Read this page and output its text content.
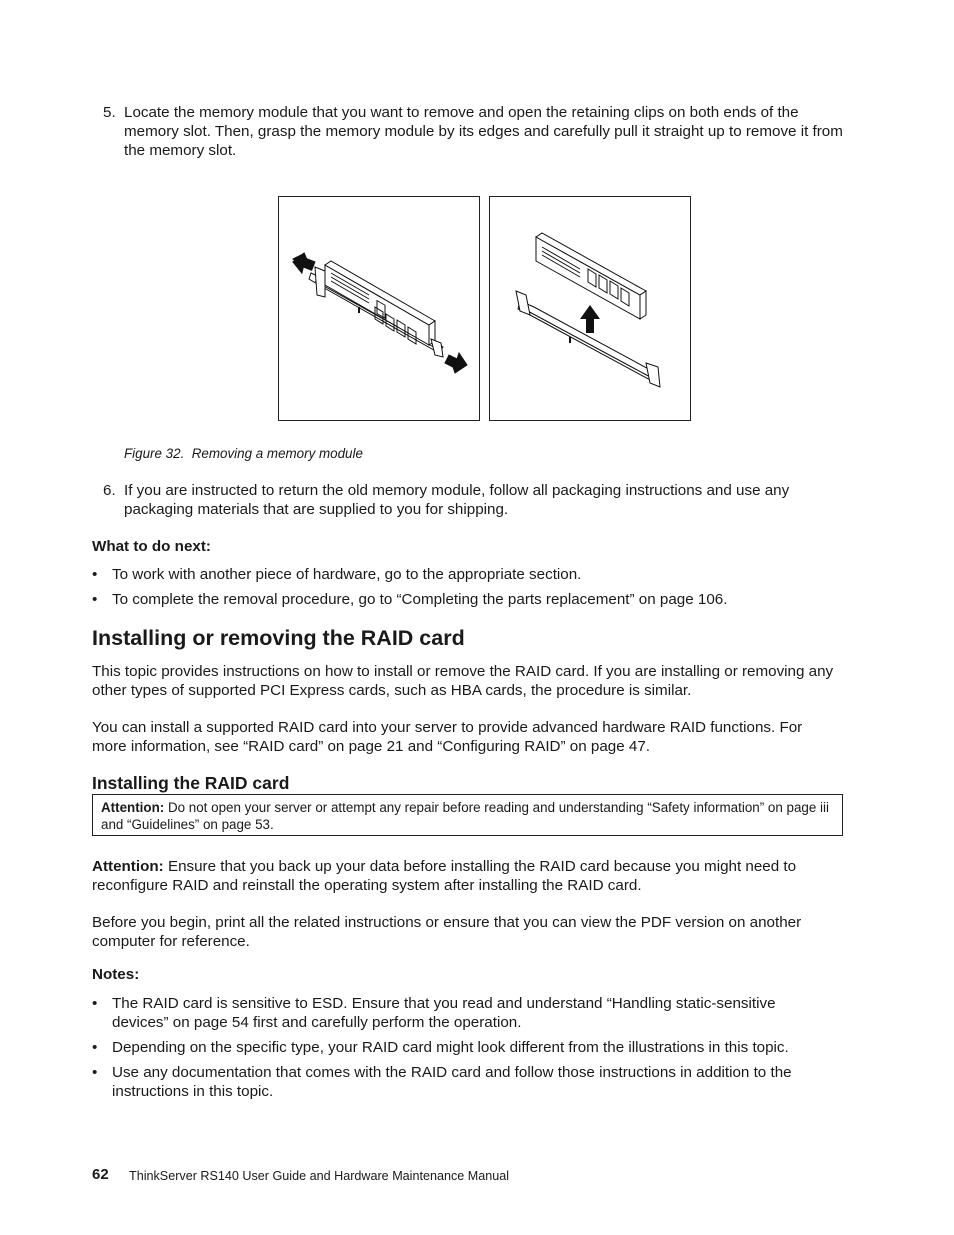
5. Locate the memory module that you want to remove and open the retaining clips on both ends of the memory slot. Then, grasp the memory module by its edges and carefully pull it straight up to remove it from the memory slot.
Figure 32. Removing a memory module
6. If you are instructed to return the old memory module, follow all packaging instructions and use any packaging materials that are supplied to you for shipping.
What to do next:
• To work with another piece of hardware, go to the appropriate section.
• To complete the removal procedure, go to “Completing the parts replacement” on page 106.
Installing or removing the RAID card
This topic provides instructions on how to install or remove the RAID card. If you are installing or removing any other types of supported PCI Express cards, such as HBA cards, the procedure is similar.
You can install a supported RAID card into your server to provide advanced hardware RAID functions. For more information, see “RAID card” on page 21 and “Configuring RAID” on page 47.
Installing the RAID card
Attention: Do not open your server or attempt any repair before reading and understanding “Safety information” on page iii and “Guidelines” on page 53.
Attention: Ensure that you back up your data before installing the RAID card because you might need to reconfigure RAID and reinstall the operating system after installing the RAID card.
Before you begin, print all the related instructions or ensure that you can view the PDF version on another computer for reference.
Notes:
• The RAID card is sensitive to ESD. Ensure that you read and understand “Handling static-sensitive devices” on page 54 first and carefully perform the operation.
• Depending on the specific type, your RAID card might look different from the illustrations in this topic.
• Use any documentation that comes with the RAID card and follow those instructions in addition to the instructions in this topic.
62 ThinkServer RS140 User Guide and Hardware Maintenance Manual
